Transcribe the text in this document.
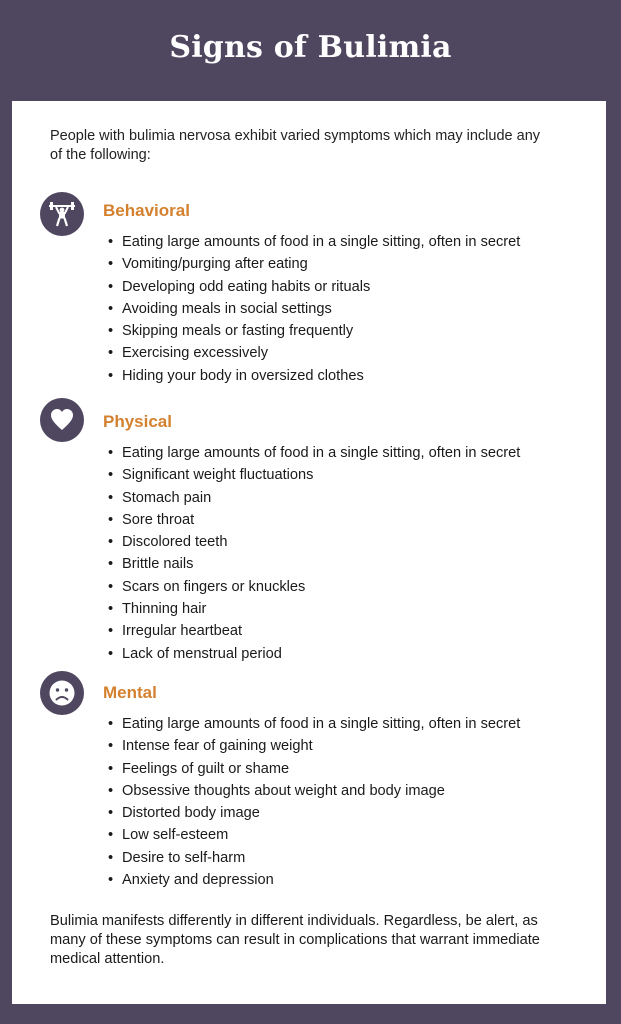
Signs of Bulimia
People with bulimia nervosa exhibit varied symptoms which may include any of the following:
Behavioral
• Eating large amounts of food in a single sitting, often in secret
• Vomiting/purging after eating
• Developing odd eating habits or rituals
• Avoiding meals in social settings
• Skipping meals or fasting frequently
• Exercising excessively
• Hiding your body in oversized clothes
Physical
• Eating large amounts of food in a single sitting, often in secret
• Significant weight fluctuations
• Stomach pain
• Sore throat
• Discolored teeth
• Brittle nails
• Scars on fingers or knuckles
• Thinning hair
• Irregular heartbeat
• Lack of menstrual period
Mental
• Eating large amounts of food in a single sitting, often in secret
• Intense fear of gaining weight
• Feelings of guilt or shame
• Obsessive thoughts about weight and body image
• Distorted body image
• Low self-esteem
• Desire to self-harm
• Anxiety and depression
Bulimia manifests differently in different individuals. Regardless, be alert, as many of these symptoms can result in complications that warrant immediate medical attention.
